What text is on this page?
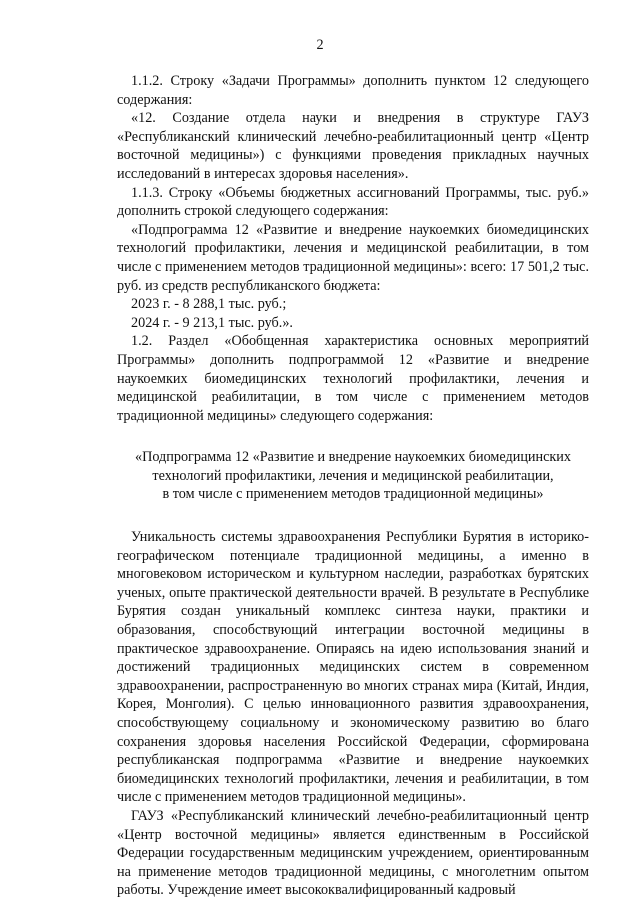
2

1.1.2. Строку «Задачи Программы» дополнить пунктом 12 следующего содержания:

«12. Создание отдела науки и внедрения в структуре ГАУЗ «Республиканский клинический лечебно-реабилитационный центр «Центр восточной медицины») с функциями проведения прикладных научных исследований в интересах здоровья населения».

1.1.3. Строку «Объемы бюджетных ассигнований Программы, тыс. руб.» дополнить строкой следующего содержания:

«Подпрограмма 12 «Развитие и внедрение наукоемких биомедицинских технологий профилактики, лечения и медицинской реабилитации, в том числе с применением методов традиционной медицины»: всего: 17 501,2 тыс. руб. из средств республиканского бюджета:

2023 г. - 8 288,1 тыс. руб.;

2024 г. - 9 213,1 тыс. руб.».

1.2. Раздел «Обобщенная характеристика основных мероприятий Программы» дополнить подпрограммой 12 «Развитие и внедрение наукоемких биомедицинских технологий профилактики, лечения и медицинской реабилитации, в том числе с применением методов традиционной медицины» следующего содержания:

«Подпрограмма 12 «Развитие и внедрение наукоемких биомедицинских
технологий профилактики, лечения и медицинской реабилитации,
в том числе с применением методов традиционной медицины»

Уникальность системы здравоохранения Республики Бурятия в историко-географическом потенциале традиционной медицины, а именно в многовековом историческом и культурном наследии, разработках бурятских ученых, опыте практической деятельности врачей. В результате в Республике Бурятия создан уникальный комплекс синтеза науки, практики и образования, способствующий интеграции восточной медицины в практическое здравоохранение. Опираясь на идею использования знаний и достижений традиционных медицинских систем в современном здравоохранении, распространенную во многих странах мира (Китай, Индия, Корея, Монголия). С целью инновационного развития здравоохранения, способствующему социальному и экономическому развитию во благо сохранения здоровья населения Российской Федерации, сформирована республиканская подпрограмма «Развитие и внедрение наукоемких биомедицинских технологий профилактики, лечения и реабилитации, в том числе с применением методов традиционной медицины».

ГАУЗ «Республиканский клинический лечебно-реабилитационный центр «Центр восточной медицины» является единственным в Российской Федерации государственным медицинским учреждением, ориентированным на применение методов традиционной медицины, с многолетним опытом работы. Учреждение имеет высококвалифицированный кадровый
